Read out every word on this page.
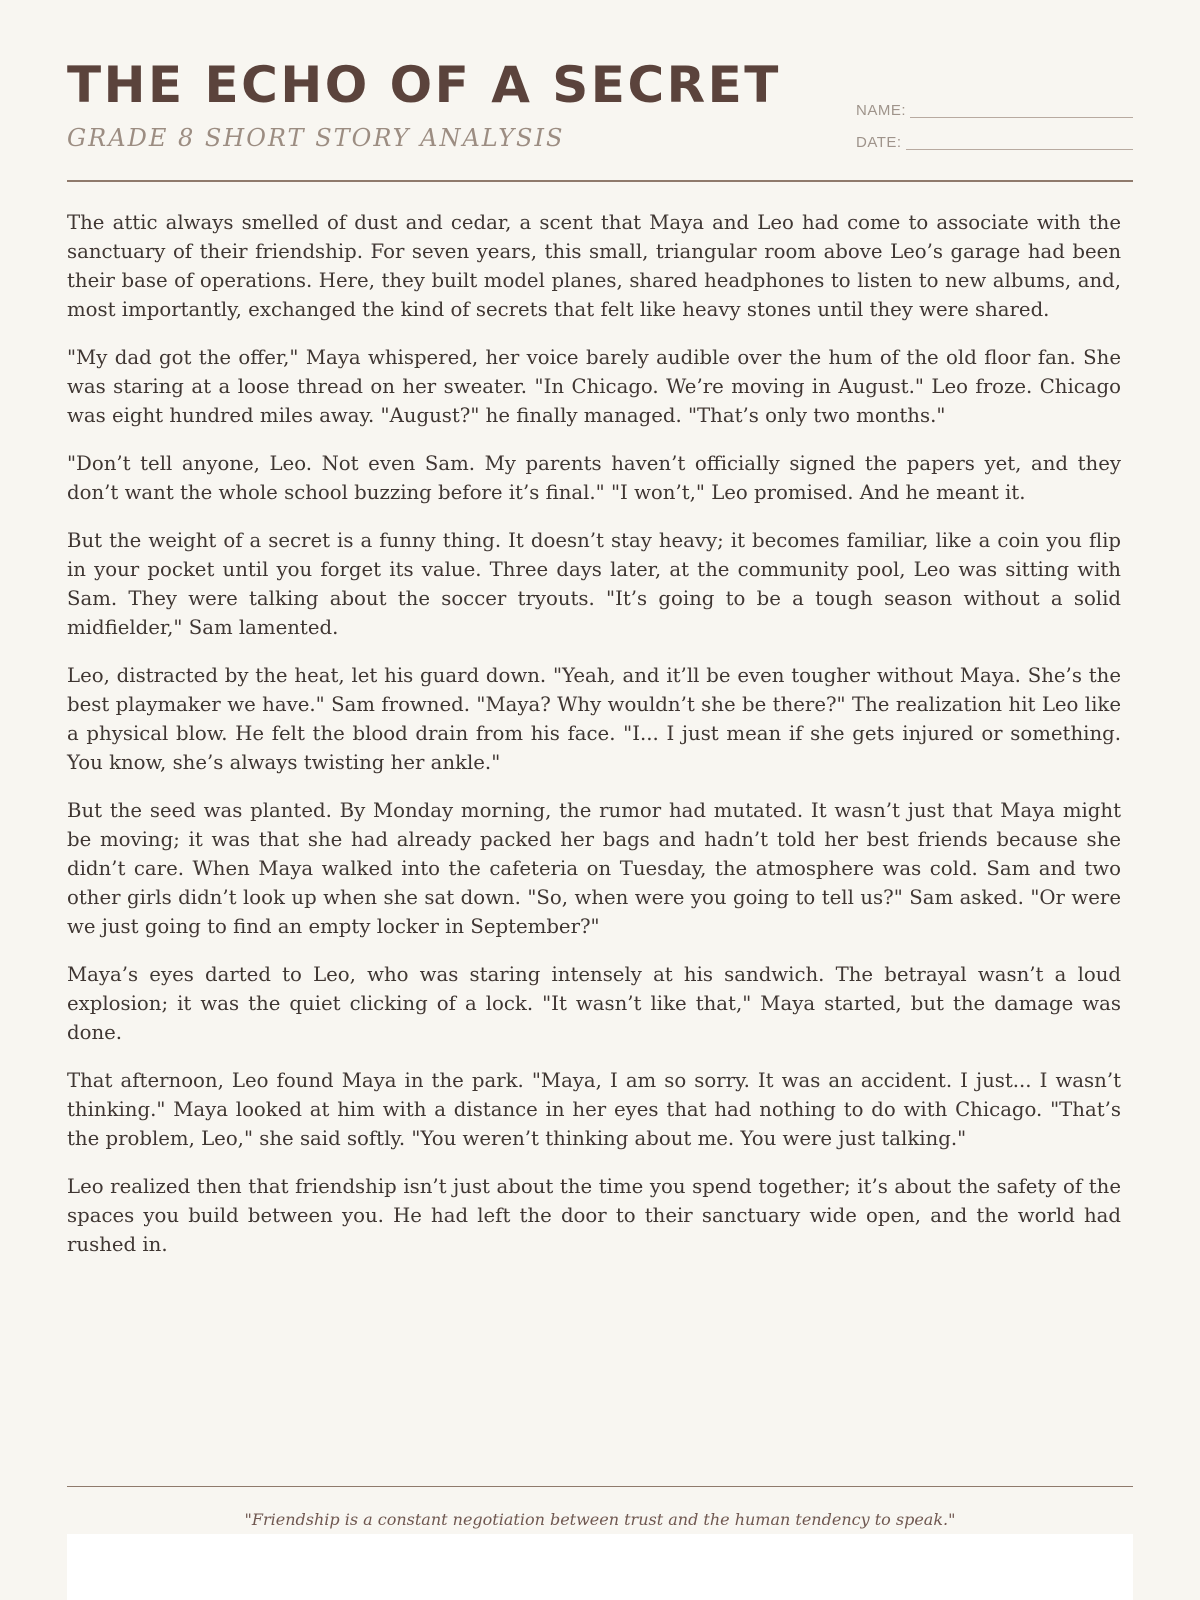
THE ECHO OF A SECRET
GRADE 8 SHORT STORY ANALYSIS
NAME:
DATE:

The attic always smelled of dust and cedar, a scent that Maya and Leo had come to associate with the sanctuary of their friendship. For seven years, this small, triangular room above Leo’s garage had been their base of operations. Here, they built model planes, shared headphones to listen to new albums, and, most importantly, exchanged the kind of secrets that felt like heavy stones until they were shared.

"My dad got the offer," Maya whispered, her voice barely audible over the hum of the old floor fan. She was staring at a loose thread on her sweater. "In Chicago. We’re moving in August." Leo froze. Chicago was eight hundred miles away. "August?" he finally managed. "That’s only two months."

"Don’t tell anyone, Leo. Not even Sam. My parents haven’t officially signed the papers yet, and they don’t want the whole school buzzing before it’s final." "I won’t," Leo promised. And he meant it.

But the weight of a secret is a funny thing. It doesn’t stay heavy; it becomes familiar, like a coin you flip in your pocket until you forget its value. Three days later, at the community pool, Leo was sitting with Sam. They were talking about the soccer tryouts. "It’s going to be a tough season without a solid midfielder," Sam lamented.

Leo, distracted by the heat, let his guard down. "Yeah, and it’ll be even tougher without Maya. She’s the best playmaker we have." Sam frowned. "Maya? Why wouldn’t she be there?" The realization hit Leo like a physical blow. He felt the blood drain from his face. "I... I just mean if she gets injured or something. You know, she’s always twisting her ankle."

But the seed was planted. By Monday morning, the rumor had mutated. It wasn’t just that Maya might be moving; it was that she had already packed her bags and hadn’t told her best friends because she didn’t care. When Maya walked into the cafeteria on Tuesday, the atmosphere was cold. Sam and two other girls didn’t look up when she sat down. "So, when were you going to tell us?" Sam asked. "Or were we just going to find an empty locker in September?"

Maya’s eyes darted to Leo, who was staring intensely at his sandwich. The betrayal wasn’t a loud explosion; it was the quiet clicking of a lock. "It wasn’t like that," Maya started, but the damage was done.

That afternoon, Leo found Maya in the park. "Maya, I am so sorry. It was an accident. I just... I wasn’t thinking." Maya looked at him with a distance in her eyes that had nothing to do with Chicago. "That’s the problem, Leo," she said softly. "You weren’t thinking about me. You were just talking."

Leo realized then that friendship isn’t just about the time you spend together; it’s about the safety of the spaces you build between you. He had left the door to their sanctuary wide open, and the world had rushed in.

"Friendship is a constant negotiation between trust and the human tendency to speak."
